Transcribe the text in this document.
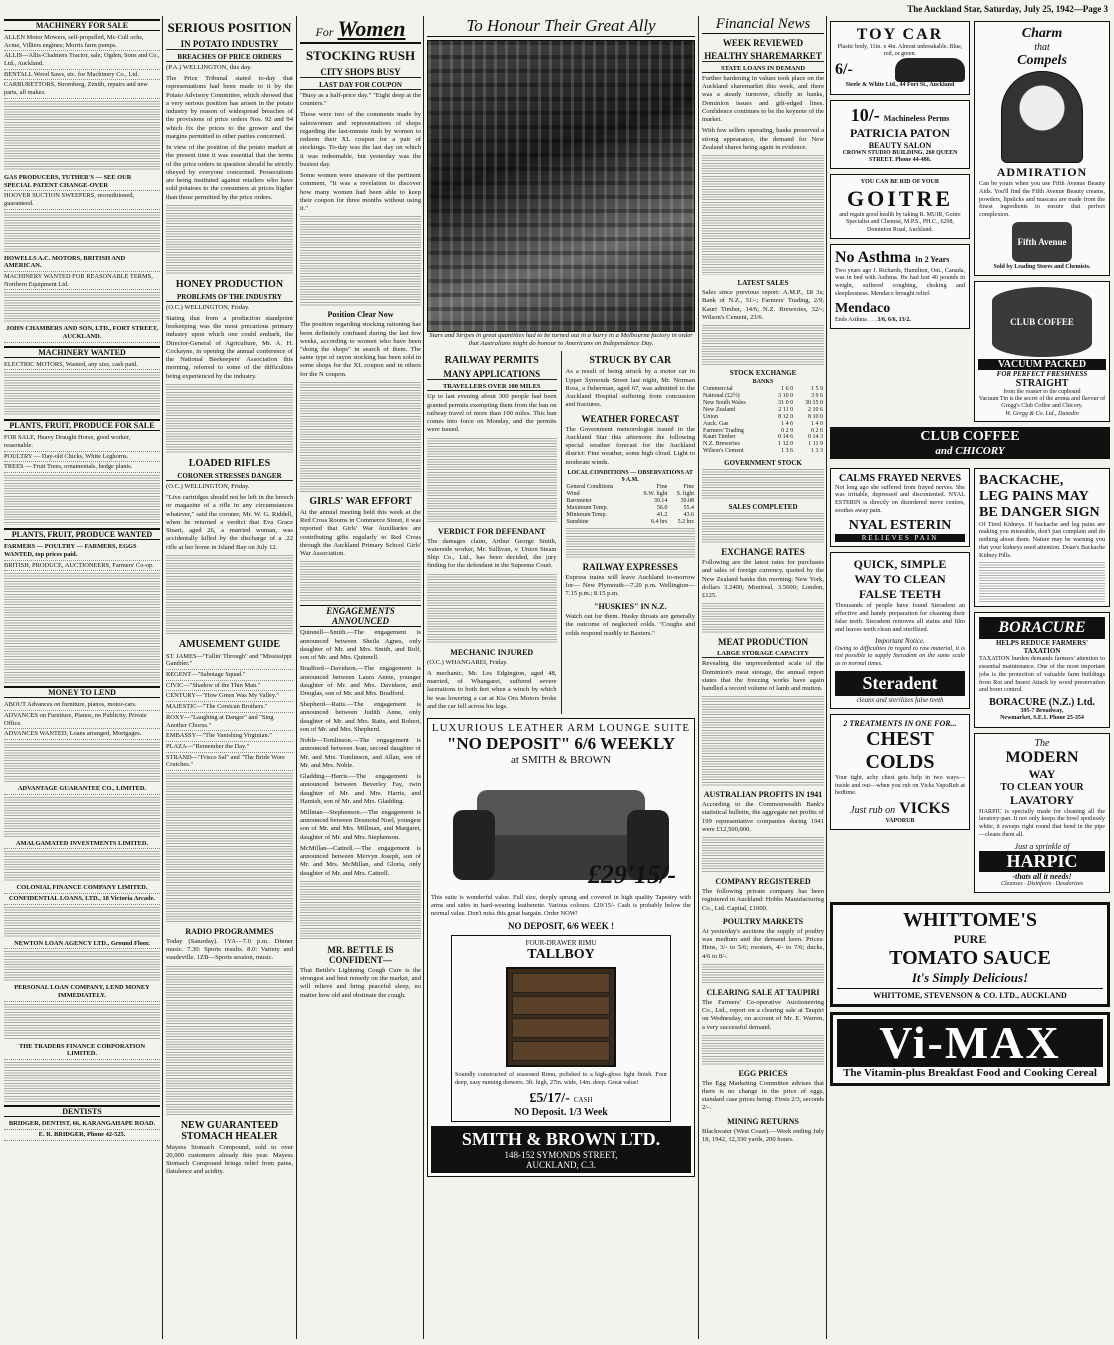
The Auckland Star, Saturday, July 25, 1942—Page 3
MACHINERY FOR SALE
ALLEN Motor Mowers, self-propelled, Mc-Cull ochs, Acme, Villiers engines; Morris farm pumps.
ALLIS—Allis-Chalmers Tractor, sale; Ogden, Sons and Co., Ltd., Auckland.
BENTALL Wood Saws, etc. for Machinery Co., Ltd.
CARBURETTORS, Stromberg, Zenith, repairs and new parts, all makes.
GAS PRODUCERS, TUTHER'S — SEE OUR SPECIAL PATENT CHANGE-OVER
HOOVER SUCTION SWEEPERS, reconditioned, guaranteed.
HOWELLS A.C. MOTORS, BRITISH AND AMERICAN.
MACHINERY WANTED FOR REASONABLE TERMS, Northern Equipment Ltd.
JOHN CHAMBERS AND SON, LTD., FORT STREET, AUCKLAND.
MACHINERY WANTED
ELECTRIC MOTORS, Wanted, any size, cash paid.
PLANTS, FRUIT, PRODUCE FOR SALE
FOR SALE, Heavy Draught Horse, good worker, reasonable.
POULTRY — Day-old Chicks, White Leghorns.
TREES — Fruit Trees, ornamentals, hedge plants.
PLANTS, FRUIT, PRODUCE WANTED
FARMERS — POULTRY — FARMERS, EGGS WANTED, top prices paid.
BRITISH, PRODUCE, AUCTIONEERS, Farmers' Co-op.
MONEY TO LEND
ABOUT Advances on furniture, pianos, motor-cars.
ADVANCES on Furniture, Pianos, no Publicity, Private Office.
ADVANCES WANTED, Loans arranged, Mortgages.
ADVANTAGE GUARANTEE CO., LIMITED.
AMALGAMATED INVESTMENTS LIMITED.
COLONIAL FINANCE COMPANY LIMITED.
CONFIDENTIAL LOANS, LTD., 18 Victoria Arcade.
NEWTON LOAN AGENCY LTD., Ground Floor.
PERSONAL LOAN COMPANY, LEND MONEY IMMEDIATELY.
THE TRADERS FINANCE CORPORATION LIMITED.
DENTISTS
BRIDGER, DENTIST, 66, KARANGAHAPE ROAD.
E. R. BRIDGER, Phone 42-525.
SERIOUS POSITION
IN POTATO INDUSTRY
BREACHES OF PRICE ORDERS

(P.A.) WELLINGTON, this day.

The Price Tribunal stated to-day that representations had been made to it by the Potato Advisory Committee, which showed that a very serious position has arisen in the potato industry by reason of widespread breaches of the provisions of price orders Nos. 92 and 94 which fix the prices to the grower and the margins permitted to other parties concerned.

In view of the position of the potato market at the present time it was essential that the terms of the price orders in question should be strictly obeyed by everyone concerned. Prosecutions are being instituted against retailers who have sold potatoes to the consumers at prices higher than those permitted by the price orders.

HONEY PRODUCTION
PROBLEMS OF THE INDUSTRY

(O.C.) WELLINGTON, Friday.

Stating that from a production standpoint beekeeping was the most precarious primary industry upon which one could embark, the Director-General of Agriculture, Mr. A. H. Cockayne, in opening the annual conference of the National Beekeepers' Association this morning, referred to some of the difficulties being experienced by the industry.

LOADED RIFLES
CORONER STRESSES DANGER

(O.C.) WELLINGTON, Friday.

"Live cartridges should not be left in the breech or magazine of a rifle in any circumstances whatever," said the coroner, Mr. W. G. Riddell, when he returned a verdict that Eva Grace Stuart, aged 26, a married woman, was accidentally killed by the discharge of a .22 rifle at her home in Island Bay on July 12.

AMUSEMENT GUIDE
ST. JAMES—"Fallin' Through" and "Mississippi Gambler."
REGENT—"Sabotage Squad."
CIVIC—"Shadow of the Thin Man."
CENTURY—"How Green Was My Valley."
MAJESTIC—"The Corsican Brothers."
ROXY—"Laughing at Danger" and "Sing Another Chorus."
EMBASSY—"The Vanishing Virginian."
PLAZA—"Remember the Day."
STRAND—"Frisco Sal" and "The Bride Wore Crutches."
RADIO PROGRAMMES

Today (Saturday). 1YA—7.0 p.m. Dinner music. 7.30: Sports results. 8.0: Variety and vaudeville. 1ZB—Sports session, music.

NEW GUARANTEED STOMACH HEALER

Mayess Stomach Compound, sold to over 20,000 customers already this year. Mayess Stomach Compound brings relief from pains, flatulence and acidity.

For Women
STOCKING RUSH
CITY SHOPS BUSY
LAST DAY FOR COUPON

"Busy as a half-price day." "Eight deep at the counters."

These were two of the comments made by saleswomen and representatives of shops regarding the last-minute rush by women to redeem their XL coupon for a pair of stockings. To-day was the last day on which it was redeemable, but yesterday was the busiest day.

Some women were unaware of the pertinent comment, "It was a revelation to discover how many women had been able to keep their coupon for three months without using it."

Position Clear Now

The position regarding stocking rationing has been definitely confused during the last few weeks, according to women who have been "doing the shops" in search of them. The same type of rayon stocking has been sold in some shops for the XL coupon and in others for the N coupon.

GIRLS' WAR EFFORT

At the annual meeting held this week at the Red Cross Rooms in Commerce Street, it was reported that Girls' War Auxiliaries are contributing gifts regularly to Red Cross through the Auckland Primary School Girls' War Association.

ENGAGEMENTS ANNOUNCED

Quinnell—Smith.—The engagement is announced between Sheila Agnes, only daughter of Mr. and Mrs. Smith, and Rolf, son of Mr. and Mrs. Quinnell.

Bradford—Davidson.—The engagement is announced between Laura Annie, younger daughter of Mr. and Mrs. Davidson, and Douglas, son of Mr. and Mrs. Bradford.

Shepherd—Ratts.—The engagement is announced between Judith Anne, only daughter of Mr. and Mrs. Ratts, and Robert, son of Mr. and Mrs. Shepherd.

Noble—Tomlinson.—The engagement is announced between Jean, second daughter of Mr. and Mrs. Tomlinson, and Allan, son of Mr. and Mrs. Noble.

Gladding—Harris.—The engagement is announced between Beverley Fay, twin daughter of Mr. and Mrs. Harris, and Hamish, son of Mr. and Mrs. Gladding.

Millman—Stephenson.—The engagement is announced between Desmond Noel, youngest son of Mr. and Mrs. Millman, and Margaret, daughter of Mr. and Mrs. Stephenson.

McMillan—Cattrell.—The engagement is announced between Mervyn Joseph, son of Mr. and Mrs. McMillan, and Gloria, only daughter of Mr. and Mrs. Cattrell.

MR. BETTLE IS CONFIDENT—

That Bettle's Lightning Cough Cure is the strongest and best remedy on the market, and will relieve and bring peaceful sleep, no matter how old and obstinate the cough.

To Honour Their Great Ally

Stars and Stripes in great quantities had to be turned out in a hurry in a Melbourne factory in order that Australians might do honour to Americans on Independence Day.

RAILWAY PERMITS
MANY APPLICATIONS
TRAVELLERS OVER 100 MILES

Up to last evening about 300 people had been granted permits exempting them from the ban on railway travel of more than 100 miles. This ban comes into force on Monday, and the permits were issued.

VERDICT FOR DEFENDANT

The damages claim, Arthur George Smith, waterside worker, Mr. Sullivan, v. Union Steam Ship Co., Ltd., has been decided, the jury finding for the defendant in the Supreme Court.

MECHANIC INJURED

(O.C.) WHANGAREI, Friday.

A mechanic, Mr. Les Edgington, aged 48, married, of Whangarei, suffered severe lacerations to both feet when a winch by which he was lowering a car at Kia Ora Motors broke and the car fell across his legs.

STRUCK BY CAR

As a result of being struck by a motor car in Upper Symonds Street last night, Mr. Norman Ross, a fisherman, aged 67, was admitted to the Auckland Hospital suffering from concussion and fractures.

WEATHER FORECAST

The Government meteorologist issued in the Auckland Star this afternoon the following special weather forecast for the Auckland district: Fine weather, some high cloud. Light to moderate winds.

LOCAL CONDITIONS — OBSERVATIONS AT 9 A.M.
General Conditions	Fine	Fine
Wind	S.W. light	S. light
Barometer	30.14	30.08
Maximum Temp.	56.0	55.4
Minimum Temp.	41.2	43.6
Sunshine	6.4 hrs	5.2 hrs
RAILWAY EXPRESSES

Express trains will leave Auckland to-morrow for— New Plymouth—7.20 p.m. Wellington—7.15 p.m.; 8.15 p.m.

"HUSKIES" IN N.Z.

Watch out for them. Husky throats are generally the outcome of neglected colds. "Coughs and colds respond readily to Baxters."

LUXURIOUS LEATHER ARM LOUNGE SUITE
"NO DEPOSIT" 6/6 WEEKLY
at SMITH & BROWN
£29'15/-

This suite is wonderful value. Full size, deeply sprung and covered in high quality Tapestry with arms and sides in hard-wearing leatherette. Various colours. £29/15/- Cash is probably below the normal value. Don't miss this great bargain. Order NOW!

NO DEPOSIT, 6/6 WEEK !
FOUR-DRAWER RIMU
TALLBOY

Soundly constructed of seasoned Rimu, polished to a high-gloss light finish. Four deep, easy running drawers. 3ft. high, 27in. wide, 14in. deep. Great value!

£5/17/- CASH
NO Deposit. 1/3 Week
SMITH & BROWN LTD.
148-152 SYMONDS STREET,
AUCKLAND, C.3.
Financial News
WEEK REVIEWED
HEALTHY SHAREMARKET
STATE LOANS IN DEMAND

Further hardening in values took place on the Auckland sharemarket this week, and there was a steady turnover, chiefly in banks, Dominion issues and gilt-edged lines. Confidence continues to be the keynote of the market.

With few sellers operating, banks preserved a strong appearance, the demand for New Zealand shares being again in evidence.

LATEST SALES

Sales since previous report: A.M.P., £8 3s; Bank of N.Z., 51/-; Farmers' Trading, 2/9; Kauri Timber, 14/6; N.Z. Breweries, 32/-; Wilson's Cement, 23/6.

STOCK EXCHANGE
BANKS
Commercial	1 6 0	1 5 9
National (£2½)	3 10 0	3 9 6
New South Wales	31 0 0	30 15 0
New Zealand	2 11 0	2 10 6
Union	8 12 0	8 10 0
Auck. Gas	1 4 6	1 4 0
Farmers' Trading	0 2 9	0 2 6
Kauri Timber	0 14 6	0 14 3
N.Z. Breweries	1 12 0	1 11 9
Wilson's Cement	1 3 6	1 3 3
GOVERNMENT STOCK
SALES COMPLETED
EXCHANGE RATES

Following are the latest rates for purchases and sales of foreign currency, quoted by the New Zealand banks this morning: New York, dollars 3.2400; Montreal, 3.5600; London, £125.

MEAT PRODUCTION
LARGE STORAGE CAPACITY

Revealing the unprecedented scale of the Dominion's meat storage, the annual report states that the freezing works have again handled a record volume of lamb and mutton.

AUSTRALIAN PROFITS IN 1941

According to the Commonwealth Bank's statistical bulletin, the aggregate net profits of 199 representative companies during 1941 were £12,500,000.

COMPANY REGISTERED

The following private company has been registered in Auckland: Hobbs Manufacturing Co., Ltd. Capital, £1000.

POULTRY MARKETS

At yesterday's auctions the supply of poultry was medium and the demand keen. Prices: Hens, 3/- to 5/6; roosters, 4/- to 7/6; ducks, 4/6 to 8/-.

CLEARING SALE AT TAUPIRI

The Farmers' Co-operative Auctioneering Co., Ltd., report on a clearing sale at Taupiri on Wednesday, on account of Mr. E. Warren, a very successful demand.

EGG PRICES

The Egg Marketing Committee advises that there is no change in the price of eggs, standard case prices being: Firsts 2/3, seconds 2/-.

MINING RETURNS

Blackwater (West Coast).—Week ending July 18, 1942, 12,330 yards, 200 hours.

TOY CAR
Plastic body, 11in. x 4in. Almost unbreakable. Blue, red, or green.
6/-
Steele & White Ltd., 44 Fort St., Auckland
10/- Machineless Perms
PATRICIA PATON
BEAUTY SALON
CROWN STUDIO BUILDING, 260 QUEEN STREET. Phone 44-486.
YOU CAN BE RID OF YOUR
GOITRE
and regain good health by taking R. MUIR, Goitre Specialist and Chemist, M.P.S., PH.C., 6298, Dominion Road, Auckland.
No Asthma In 2 Years

Two years ago J. Richards, Hamilton, Ont., Canada, was in bed with Asthma. He had lost 40 pounds in weight, suffered coughing, choking and sleeplessness. Mendaco brought relief.

Mendaco
Ends Asthma . . . 3/6, 6/6, 13/2.
Charm
that
Compels
ADMIRATION

Can be yours when you use Fifth Avenue Beauty Aids. You'll find the Fifth Avenue Beauty creams, powders, lipsticks and mascara are made from the finest ingredients to ensure that perfect complexion.

Fifth Avenue
Sold by Leading Stores and Chemists.
CLUB COFFEE
VACUUM PACKED
FOR PERFECT FRESHNESS
STRAIGHT
from the roaster to the cupboard
Vacuum Tin is the secret of the aroma and flavour of Gregg's Club Coffee and Chicory.
W. Gregg & Co. Ltd., Dunedin
CLUB COFFEE
and CHICORY
CALMS FRAYED NERVES

Not long ago she suffered from frayed nerves. She was irritable, depressed and discontented. NYAL ESTERIN is directly on disordered nerve centres, soothes away pain.

NYAL ESTERIN
RELIEVES PAIN
QUICK, SIMPLE
WAY TO CLEAN
FALSE TEETH

Thousands of people have found Steradent an effective and handy preparation for cleaning their false teeth. Steradent removes all stains and film and leaves teeth clean and sterilized.

Important Notice.

Owing to difficulties in regard to raw material, it is not possible to supply Steradent on the same scale as in normal times.

Steradent
cleans and sterilizes false teeth
2 TREATMENTS IN ONE FOR...
CHEST
COLDS

Your tight, achy chest gets help in two ways—inside and out—when you rub on Vicks VapoRub at bedtime.

Just rub on VICKS
VAPORUB
BACKACHE,
LEG PAINS MAY
BE DANGER SIGN

Of Tired Kidneys. If backache and leg pains are making you miserable, don't just complain and do nothing about them. Nature may be warning you that your kidneys need attention. Doan's Backache Kidney Pills.

BORACURE
HELPS REDUCE FARMERS' TAXATION

TAXATION burden demands farmers' attention to essential maintenance. One of the most important jobs is the protection of valuable farm buildings from Rot and Insect Attack by wood preservation and borer control.

BORACURE (N.Z.) Ltd.
395-7 Broadway,
Newmarket, S.E.1. Phone 25-354
The
MODERN
WAY
TO CLEAN YOUR
LAVATORY

HARPIC is specially made for cleaning all the lavatory-pan. It not only keeps the bowl spotlessly white, it sweeps right round that bend in the pipe—cleans them all.

Just a sprinkle of
HARPIC
-thats all it needs!
Cleanses · Disinfects · Deodorizes
WHITTOME'S
PURE
TOMATO SAUCE
It's Simply Delicious!
WHITTOME, STEVENSON & CO. LTD., AUCKLAND
Vi-MAX
The Vitamin-plus Breakfast Food and Cooking Cereal
